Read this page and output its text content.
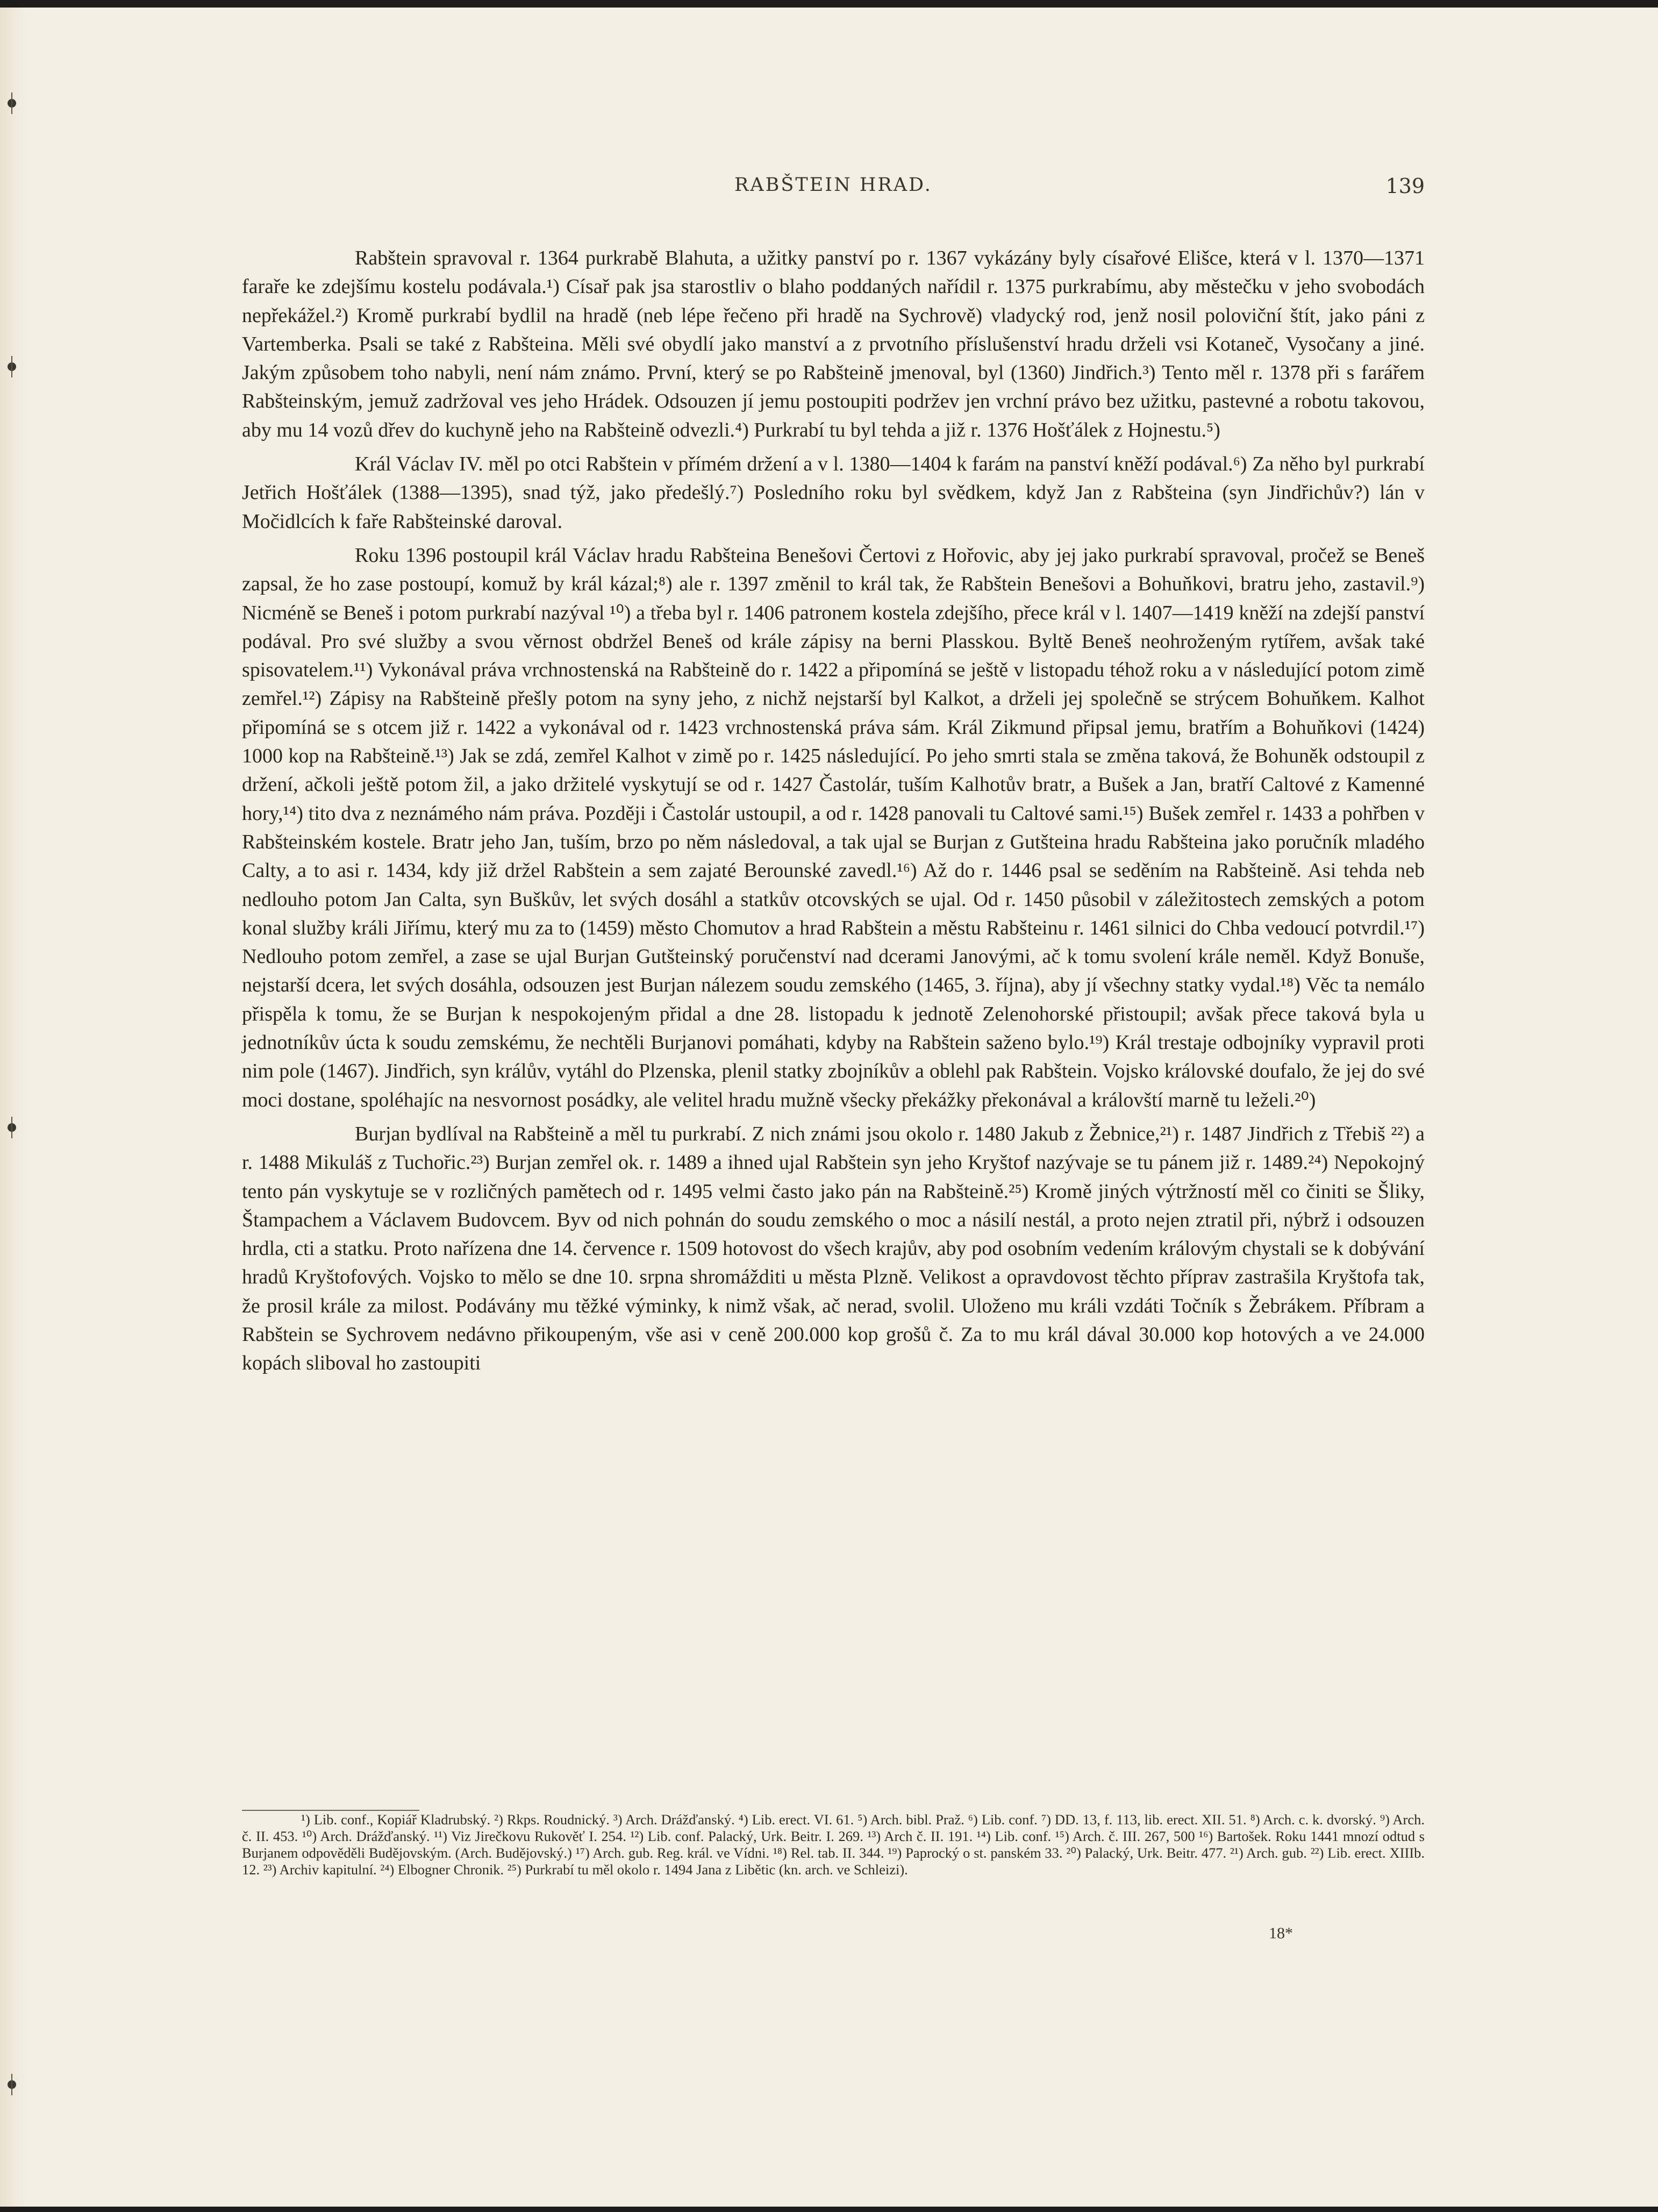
RABŠTEIN HRAD.	139

Rabštein spravoval r. 1364 purkrabě Blahuta, a užitky panství po r. 1367 vykázány byly císařové Elišce, která v l. 1370—1371 faraře ke zdejšímu kostelu podávala.¹) Císař pak jsa starostliv o blaho poddaných nařídil r. 1375 purkrabímu, aby městečku v jeho svobodách nepřekážel.²) Kromě purkrabí bydlil na hradě (neb lépe řečeno při hradě na Sychrově) vladycký rod, jenž nosil poloviční štít, jako páni z Vartemberka. Psali se také z Rabšteina. Měli své obydlí jako manství a z prvotního příslušenství hradu drželi vsi Kotaneč, Vysočany a jiné. Jakým způsobem toho nabyli, není nám známo. První, který se po Rabšteině jmenoval, byl (1360) Jindřich.³) Tento měl r. 1378 při s farářem Rabšteinským, jemuž zadržoval ves jeho Hrádek. Odsouzen jí jemu postoupiti podržev jen vrchní právo bez užitku, pastevné a robotu takovou, aby mu 14 vozů dřev do kuchyně jeho na Rabšteině odvezli.⁴) Purkrabí tu byl tehda a již r. 1376 Hošťálek z Hojnestu.⁵)

Král Václav IV. měl po otci Rabštein v přímém držení a v l. 1380—1404 k farám na panství kněží podával.⁶) Za něho byl purkrabí Jetřich Hošťálek (1388—1395), snad týž, jako předešlý.⁷) Posledního roku byl svědkem, když Jan z Rabšteina (syn Jindřichův?) lán v Močidlcích k faře Rabšteinské daroval.

Roku 1396 postoupil král Václav hradu Rabšteina Benešovi Čertovi z Hořovic, aby jej jako purkrabí spravoval, pročež se Beneš zapsal, že ho zase postoupí, komuž by král kázal;⁸) ale r. 1397 změnil to král tak, že Rabštein Benešovi a Bohuňkovi, bratru jeho, zastavil.⁹) Nicméně se Beneš i potom purkrabí nazýval ¹⁰) a třeba byl r. 1406 patronem kostela zdejšího, přece král v l. 1407—1419 kněží na zdejší panství podával. Pro své služby a svou věrnost obdržel Beneš od krále zápisy na berni Plasskou. Byltě Beneš neohroženým rytířem, avšak také spisovatelem.¹¹) Vykonával práva vrchnostenská na Rabšteině do r. 1422 a připomíná se ještě v listopadu téhož roku a v následující potom zimě zemřel.¹²) Zápisy na Rabšteině přešly potom na syny jeho, z nichž nejstarší byl Kalkot, a drželi jej společně se strýcem Bohuňkem. Kalhot připomíná se s otcem již r. 1422 a vykonával od r. 1423 vrchnostenská práva sám. Král Zikmund připsal jemu, bratřím a Bohuňkovi (1424) 1000 kop na Rabšteině.¹³) Jak se zdá, zemřel Kalhot v zimě po r. 1425 následující. Po jeho smrti stala se změna taková, že Bohuněk odstoupil z držení, ačkoli ještě potom žil, a jako držitelé vyskytují se od r. 1427 Častolár, tuším Kalhotův bratr, a Bušek a Jan, bratří Caltové z Kamenné hory,¹⁴) tito dva z neznámého nám práva. Později i Častolár ustoupil, a od r. 1428 panovali tu Caltové sami.¹⁵) Bušek zemřel r. 1433 a pohřben v Rabšteinském kostele. Bratr jeho Jan, tuším, brzo po něm následoval, a tak ujal se Burjan z Gutšteina hradu Rabšteina jako poručník mladého Calty, a to asi r. 1434, kdy již držel Rabštein a sem zajaté Berounské zavedl.¹⁶) Až do r. 1446 psal se seděním na Rabšteině. Asi tehda neb nedlouho potom Jan Calta, syn Buškův, let svých dosáhl a statkův otcovských se ujal. Od r. 1450 působil v záležitostech zemských a potom konal služby králi Jiřímu, který mu za to (1459) město Chomutov a hrad Rabštein a městu Rabšteinu r. 1461 silnici do Chba vedoucí potvrdil.¹⁷) Nedlouho potom zemřel, a zase se ujal Burjan Gutšteinský poručenství nad dcerami Janovými, ač k tomu svolení krále neměl. Když Bonuše, nejstarší dcera, let svých dosáhla, odsouzen jest Burjan nálezem soudu zemského (1465, 3. října), aby jí všechny statky vydal.¹⁸) Věc ta nemálo přispěla k tomu, že se Burjan k nespokojeným přidal a dne 28. listopadu k jednotě Zelenohorské přistoupil; avšak přece taková byla u jednotníkův úcta k soudu zemskému, že nechtěli Burjanovi pomáhati, kdyby na Rabštein saženo bylo.¹⁹) Král trestaje odbojníky vypravil proti nim pole (1467). Jindřich, syn králův, vytáhl do Plzenska, plenil statky zbojníkův a oblehl pak Rabštein. Vojsko královské doufalo, že jej do své moci dostane, spoléhajíc na nesvornost posádky, ale velitel hradu mužně všecky překážky překonával a královští marně tu leželi.²⁰)

Burjan bydlíval na Rabšteině a měl tu purkrabí. Z nich známi jsou okolo r. 1480 Jakub z Žebnice,²¹) r. 1487 Jindřich z Třebiš ²²) a r. 1488 Mikuláš z Tuchořic.²³) Burjan zemřel ok. r. 1489 a ihned ujal Rabštein syn jeho Kryštof nazývaje se tu pánem již r. 1489.²⁴) Nepokojný tento pán vyskytuje se v rozličných pamětech od r. 1495 velmi často jako pán na Rabšteině.²⁵) Kromě jiných výtržností měl co činiti se Šliky, Štampachem a Václavem Budovcem. Byv od nich pohnán do soudu zemského o moc a násilí nestál, a proto nejen ztratil při, nýbrž i odsouzen hrdla, cti a statku. Proto nařízena dne 14. července r. 1509 hotovost do všech krajův, aby pod osobním vedením královým chystali se k dobývání hradů Kryštofových. Vojsko to mělo se dne 10. srpna shromážditi u města Plzně. Velikost a opravdovost těchto příprav zastrašila Kryštofa tak, že prosil krále za milost. Podávány mu těžké výminky, k nimž však, ač nerad, svolil. Uloženo mu králi vzdáti Točník s Žebrákem. Příbram a Rabštein se Sychrovem nedávno přikoupeným, vše asi v ceně 200.000 kop grošů č. Za to mu král dával 30.000 kop hotových a ve 24.000 kopách sliboval ho zastoupiti

¹) Lib. conf., Kopiář Kladrubský. ²) Rkps. Roudnický. ³) Arch. Drážďanský. ⁴) Lib. erect. VI. 61. ⁵) Arch. bibl. Praž. ⁶) Lib. conf. ⁷) DD. 13, f. 113, lib. erect. XII. 51. ⁸) Arch. c. k. dvorský. ⁹) Arch. č. II. 453. ¹⁰) Arch. Drážďanský. ¹¹) Viz Jirečkovu Rukověť I. 254. ¹²) Lib. conf. Palacký, Urk. Beitr. I. 269. ¹³) Arch č. II. 191. ¹⁴) Lib. conf. ¹⁵) Arch. č. III. 267, 500 ¹⁶) Bartošek. Roku 1441 mnozí odtud s Burjanem odpověděli Budějovským. (Arch. Budějovský.) ¹⁷) Arch. gub. Reg. král. ve Vídni. ¹⁸) Rel. tab. II. 344. ¹⁹) Paprocký o st. panském 33. ²⁰) Palacký, Urk. Beitr. 477. ²¹) Arch. gub. ²²) Lib. erect. XIIIb. 12. ²³) Archiv kapitulní. ²⁴) Elbogner Chronik. ²⁵) Purkrabí tu měl okolo r. 1494 Jana z Libětic (kn. arch. ve Schleizi).

18*
